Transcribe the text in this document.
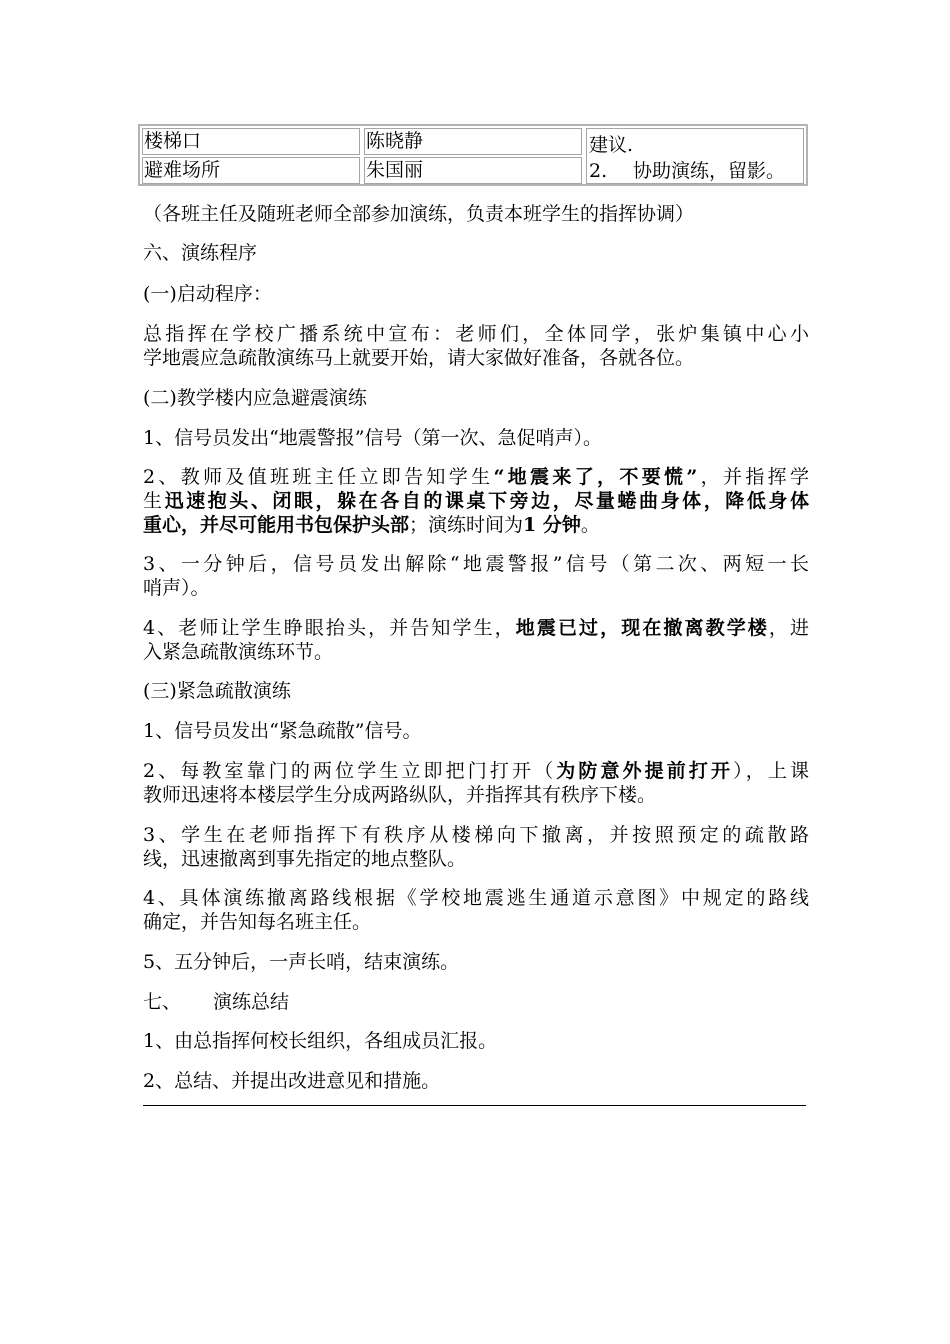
楼梯口	陈晓静
避难场所	朱国丽
建议.
2. 协助演练，留影。

（各班主任及随班老师全部参加演练，负责本班学生的指挥协调）

六、演练程序

(一)启动程序：

总指挥在学校广播系统中宣布：老师们，全体同学，张炉集镇中心小

学地震应急疏散演练马上就要开始，请大家做好准备，各就各位。

(二)教学楼内应急避震演练

1、信号员发出“地震警报”信号（第一次、急促哨声）。

2、教师及值班班主任立即告知学生“地震来了，不要慌”，并指挥学

生迅速抱头、闭眼，躲在各自的课桌下旁边，尽量蜷曲身体，降低身体

重心，并尽可能用书包保护头部；演练时间为1 分钟。

3、一分钟后，信号员发出解除“地震警报”信号（第二次、两短一长

哨声）。

4、老师让学生睁眼抬头，并告知学生，地震已过，现在撤离教学楼，进

入紧急疏散演练环节。

(三)紧急疏散演练

1、信号员发出“紧急疏散”信号。

2、每教室靠门的两位学生立即把门打开（为防意外提前打开），上课

教师迅速将本楼层学生分成两路纵队，并指挥其有秩序下楼。

3、学生在老师指挥下有秩序从楼梯向下撤离，并按照预定的疏散路

线，迅速撤离到事先指定的地点整队。

4、具体演练撤离路线根据《学校地震逃生通道示意图》中规定的路线

确定，并告知每名班主任。

5、五分钟后，一声长哨，结束演练。

七、 演练总结

1、由总指挥何校长组织，各组成员汇报。

2、总结、并提出改进意见和措施。
